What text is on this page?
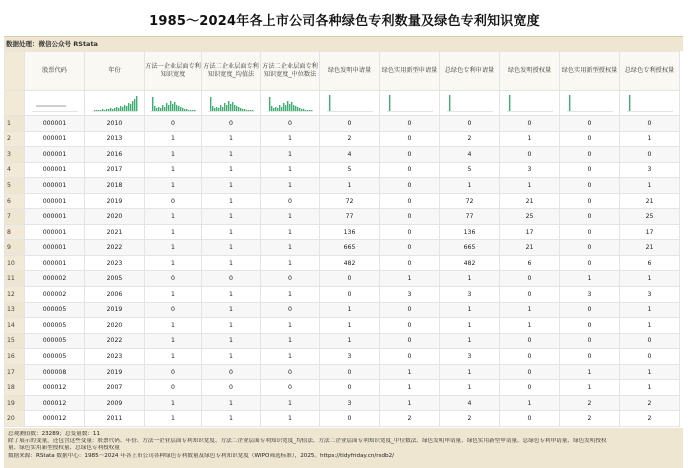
1985～2024年各上市公司各种绿色专利数量及绿色专利知识宽度
数据处理：微信公众号 RStata
	股票代码	年份	方法一企业层面专利知识宽度	方法二企业层面专利知识宽度_均值法	方法二企业层面专利知识宽度_中位数法	绿色发明申请量	绿色实用新型申请量	总绿色专利申请量	绿色发明授权量	绿色实用新型授权量	总绿色专利授权量

1	000001	2010	0	0	0	0	0	0	0	0	0
2	000001	2013	1	1	1	2	0	2	1	0	1
3	000001	2016	1	1	1	4	0	4	0	0	0
4	000001	2017	1	1	1	5	0	5	3	0	3
5	000001	2018	1	1	1	1	0	1	1	0	1
6	000001	2019	0	1	0	72	0	72	21	0	21
7	000001	2020	1	1	1	77	0	77	25	0	25
8	000001	2021	1	1	1	136	0	136	17	0	17
9	000001	2022	1	1	1	665	0	665	21	0	21
10	000001	2023	1	1	1	482	0	482	6	0	6
11	000002	2005	0	0	0	0	1	1	0	1	1
12	000002	2006	1	1	1	0	3	3	0	3	3
13	000005	2019	0	1	0	1	0	1	1	0	1
14	000005	2020	1	1	1	1	0	1	1	0	1
15	000005	2022	1	1	1	1	0	1	0	0	0
16	000005	2023	1	1	1	3	0	3	0	0	0
17	000008	2019	0	0	0	0	1	1	0	1	1
18	000012	2007	0	0	0	0	1	1	0	1	1
19	000012	2009	1	1	1	3	1	4	1	2	2
20	000012	2011	1	1	1	0	2	2	0	2	2
总观测值数：23289；总变量数：11
除了展示的变量，还包含这些变量：股票代码、年份、方法一企业层面专利知识宽度、方法二企业层面专利知识宽度_均值法、方法二企业层面专利知识宽度_中位数法、绿色发明申请量、绿色实用新型申请量、总绿色专利申请量、绿色发明授权
量、绿色实用新型授权量、总绿色专利授权量
数据来源：RStata 数据中心：1985～2024 年各上市公司各种绿色专利数量及绿色专利知识宽度（WIPO筛选标准），2025。https://tidyfriday.cn/rsdb2/
